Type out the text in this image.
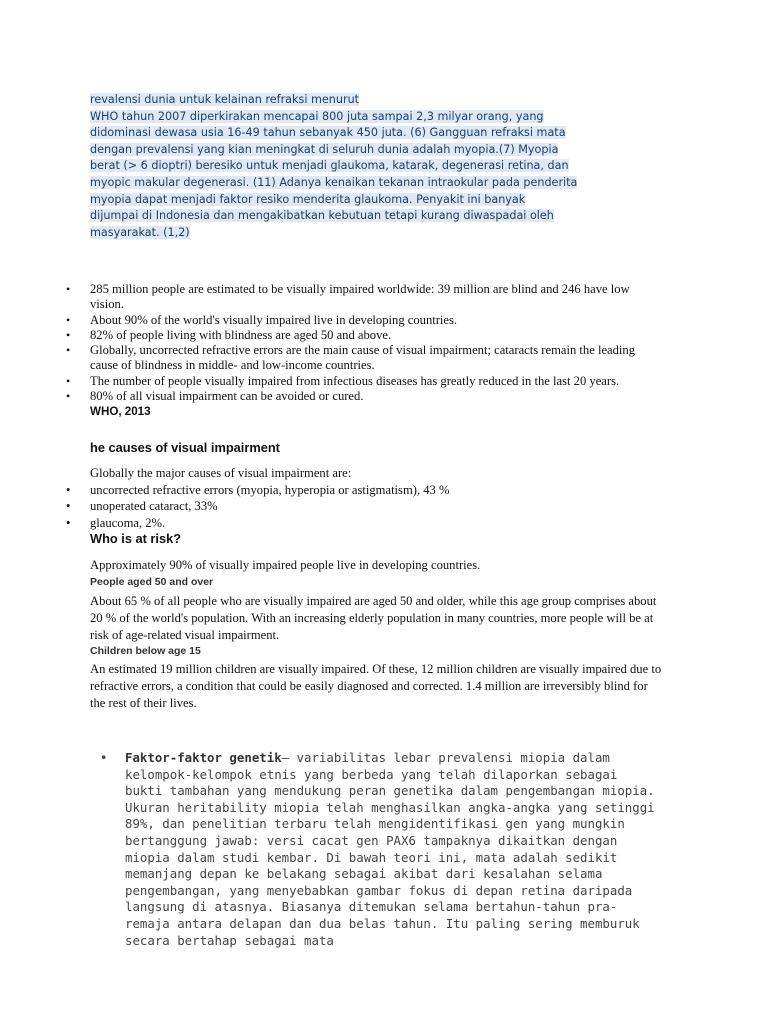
revalensi dunia untuk kelainan refraksi menurut
WHO tahun 2007 diperkirakan mencapai 800 juta sampai 2,3 milyar orang, yang
didominasi dewasa usia 16-49 tahun sebanyak 450 juta. (6) Gangguan refraksi mata
dengan prevalensi yang kian meningkat di seluruh dunia adalah myopia.(7) Myopia
berat (> 6 dioptri) beresiko untuk menjadi glaukoma, katarak, degenerasi retina, dan
myopic makular degenerasi. (11) Adanya kenaikan tekanan intraokular pada penderita
myopia dapat menjadi faktor resiko menderita glaukoma. Penyakit ini banyak
dijumpai di Indonesia dan mengakibatkan kebutuan tetapi kurang diwaspadai oleh
masyarakat. (1,2)
• 285 million people are estimated to be visually impaired worldwide: 39 million are blind and 246 have low vision.
• About 90% of the world's visually impaired live in developing countries.
• 82% of people living with blindness are aged 50 and above.
• Globally, uncorrected refractive errors are the main cause of visual impairment; cataracts remain the leading cause of blindness in middle- and low-income countries.
• The number of people visually impaired from infectious diseases has greatly reduced in the last 20 years.
• 80% of all visual impairment can be avoided or cured.
WHO, 2013
he causes of visual impairment

Globally the major causes of visual impairment are:

• uncorrected refractive errors (myopia, hyperopia or astigmatism), 43 %
• unoperated cataract, 33%
• glaucoma, 2%.
Who is at risk?

Approximately 90% of visually impaired people live in developing countries.

People aged 50 and over

About 65 % of all people who are visually impaired are aged 50 and older, while this age group comprises about 20 % of the world's population. With an increasing elderly population in many countries, more people will be at risk of age-related visual impairment.

Children below age 15

An estimated 19 million children are visually impaired. Of these, 12 million children are visually impaired due to refractive errors, a condition that could be easily diagnosed and corrected. 1.4 million are irreversibly blind for the rest of their lives.

• Faktor-faktor genetik— variabilitas lebar prevalensi miopia dalam kelompok-kelompok etnis yang berbeda yang telah dilaporkan sebagai bukti tambahan yang mendukung peran genetika dalam pengembangan miopia. Ukuran heritability miopia telah menghasilkan angka-angka yang setinggi 89%, dan penelitian terbaru telah mengidentifikasi gen yang mungkin bertanggung jawab: versi cacat gen PAX6 tampaknya dikaitkan dengan miopia dalam studi kembar. Di bawah teori ini, mata adalah sedikit memanjang depan ke belakang sebagai akibat dari kesalahan selama pengembangan, yang menyebabkan gambar fokus di depan retina daripada langsung di atasnya. Biasanya ditemukan selama bertahun-tahun pra-remaja antara delapan dan dua belas tahun. Itu paling sering memburuk secara bertahap sebagai mata
